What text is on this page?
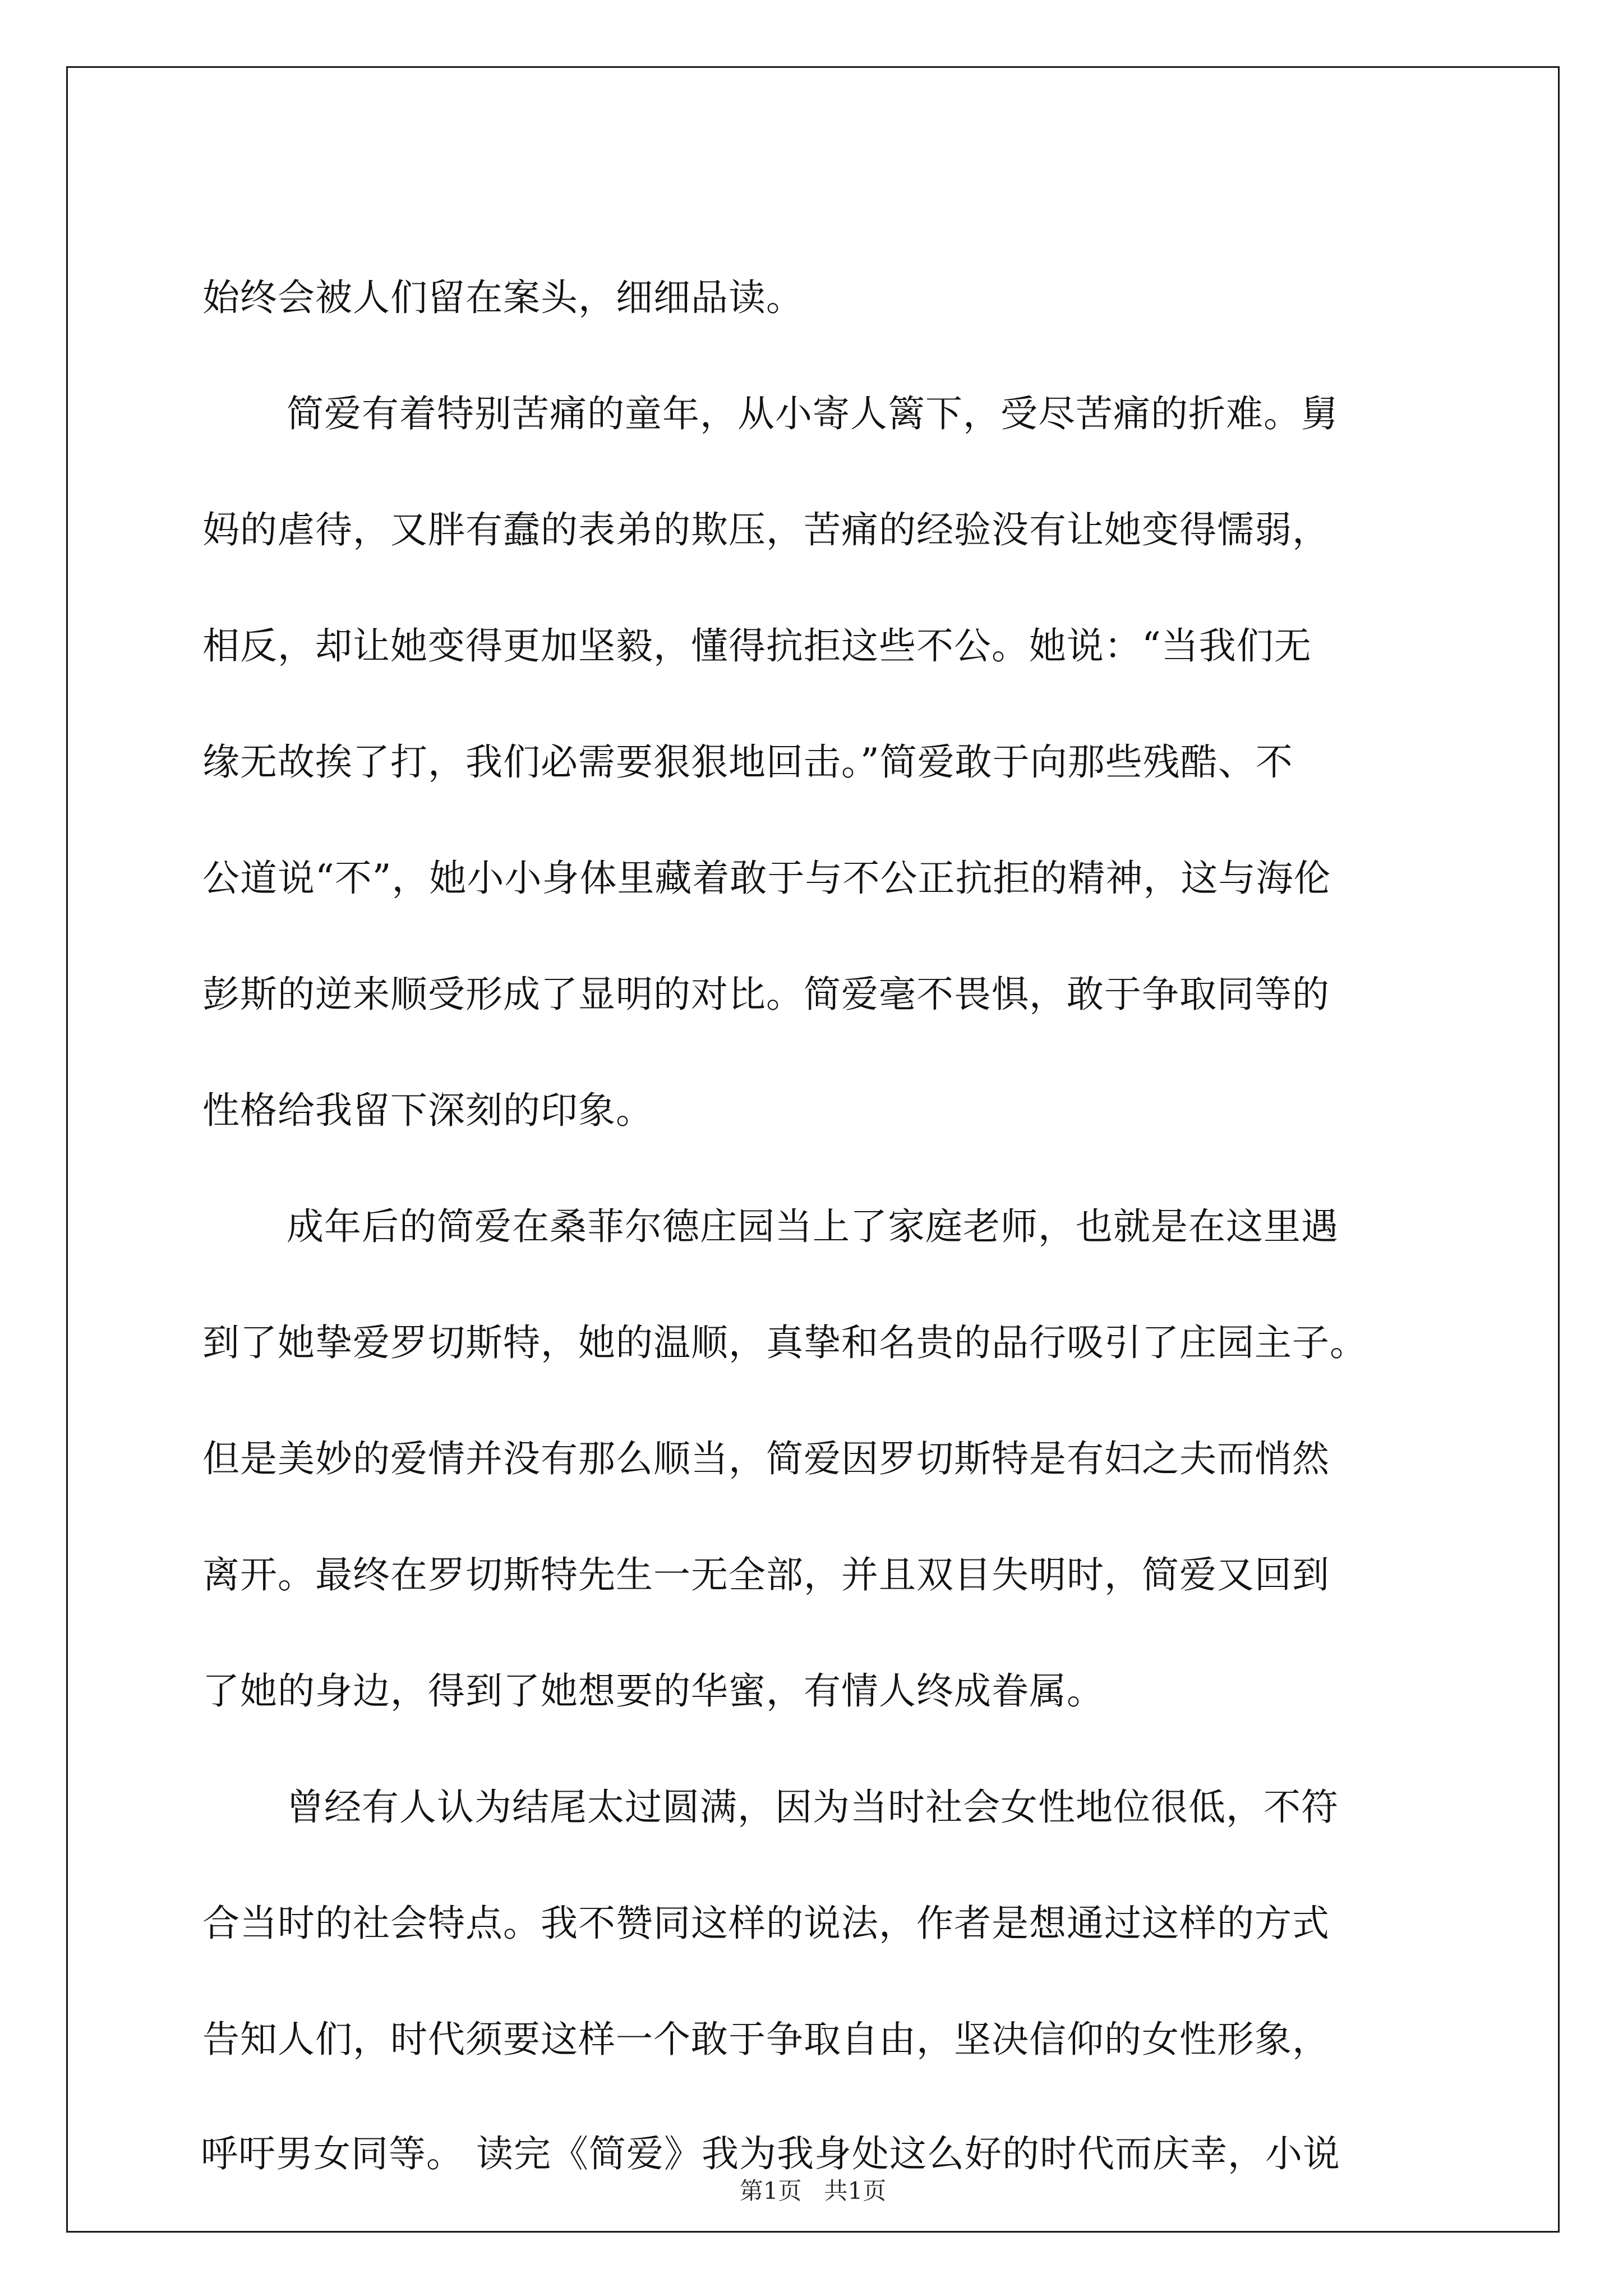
始终会被人们留在案头，细细品读。
简爱有着特别苦痛的童年，从小寄人篱下，受尽苦痛的折难。舅
妈的虐待，又胖有蠢的表弟的欺压，苦痛的经验没有让她变得懦弱，
相反，却让她变得更加坚毅，懂得抗拒这些不公。她说：“当我们无
缘无故挨了打，我们必需要狠狠地回击。”简爱敢于向那些残酷、不
公道说“不”，她小小身体里藏着敢于与不公正抗拒的精神，这与海伦
彭斯的逆来顺受形成了显明的对比。简爱毫不畏惧，敢于争取同等的
性格给我留下深刻的印象。
成年后的简爱在桑菲尔德庄园当上了家庭老师，也就是在这里遇
到了她挚爱罗切斯特，她的温顺，真挚和名贵的品行吸引了庄园主子。
但是美妙的爱情并没有那么顺当，简爱因罗切斯特是有妇之夫而悄然
离开。最终在罗切斯特先生一无全部，并且双目失明时，简爱又回到
了她的身边，得到了她想要的华蜜，有情人终成眷属。
曾经有人认为结尾太过圆满，因为当时社会女性地位很低，不符
合当时的社会特点。我不赞同这样的说法，作者是想通过这样的方式
告知人们，时代须要这样一个敢于争取自由，坚决信仰的女性形象，
呼吁男女同等。 读完《简爱》我为我身处这么好的时代而庆幸，小说
第1页   共1页
